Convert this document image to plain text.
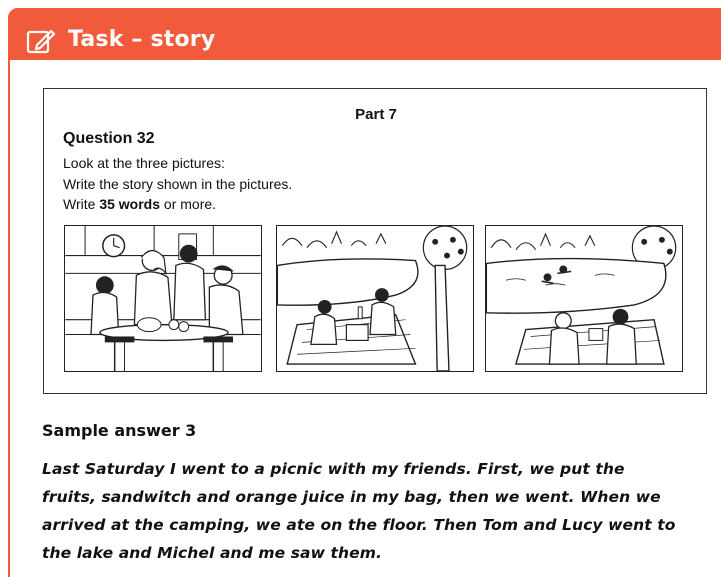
Task – story
Part 7
Question 32
Look at the three pictures:
Write the story shown in the pictures.
Write 35 words or more.
Sample answer 3
Last Saturday I went to a picnic with my friends. First, we put the fruits, sandwitch and orange juice in my bag, then we went. When we arrived at the camping, we ate on the floor. Then Tom and Lucy went to the lake and Michel and me saw them.
